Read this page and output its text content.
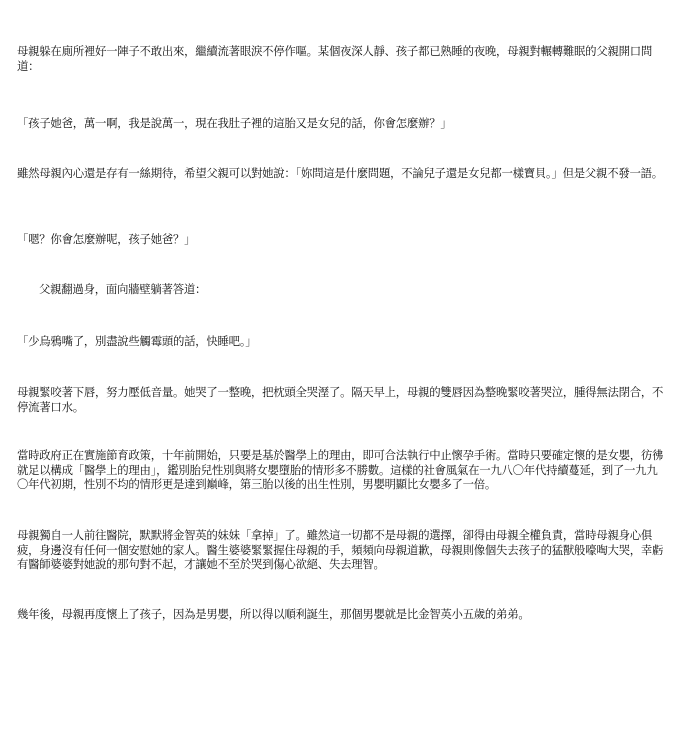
母親躲在廁所裡好一陣子不敢出來，繼續流著眼淚不停作嘔。某個夜深人靜、孩子都已熟睡的夜晚，母親對輾轉難眠的父親開口問道：

「孩子她爸，萬一啊，我是說萬一，現在我肚子裡的這胎又是女兒的話，你會怎麼辦？」

雖然母親內心還是存有一絲期待，希望父親可以對她說：「妳問這是什麼問題，不論兒子還是女兒都一樣寶貝。」但是父親不發一語。

「嗯？你會怎麼辦呢，孩子她爸？」

父親翻過身，面向牆壁躺著答道：

「少烏鴉嘴了，別盡說些觸霉頭的話，快睡吧。」

母親緊咬著下唇，努力壓低音量。她哭了一整晚，把枕頭全哭溼了。隔天早上，母親的雙唇因為整晚緊咬著哭泣，腫得無法閉合，不停流著口水。

當時政府正在實施節育政策，十年前開始，只要是基於醫學上的理由，即可合法執行中止懷孕手術。當時只要確定懷的是女嬰，彷彿就足以構成「醫學上的理由」，鑑別胎兒性別與將女嬰墮胎的情形多不勝數。這樣的社會風氣在一九八〇年代持續蔓延，到了一九九〇年代初期，性別不均的情形更是達到巔峰，第三胎以後的出生性別，男嬰明顯比女嬰多了一倍。

母親獨自一人前往醫院，默默將金智英的妹妹「拿掉」了。雖然這一切都不是母親的選擇，卻得由母親全權負責，當時母親身心俱疲，身邊沒有任何一個安慰她的家人。醫生婆婆緊緊握住母親的手，頻頻向母親道歉，母親則像個失去孩子的猛獸般嚎啕大哭，幸虧有醫師婆婆對她說的那句對不起，才讓她不至於哭到傷心欲絕、失去理智。

幾年後，母親再度懷上了孩子，因為是男嬰，所以得以順利誕生，那個男嬰就是比金智英小五歲的弟弟。
